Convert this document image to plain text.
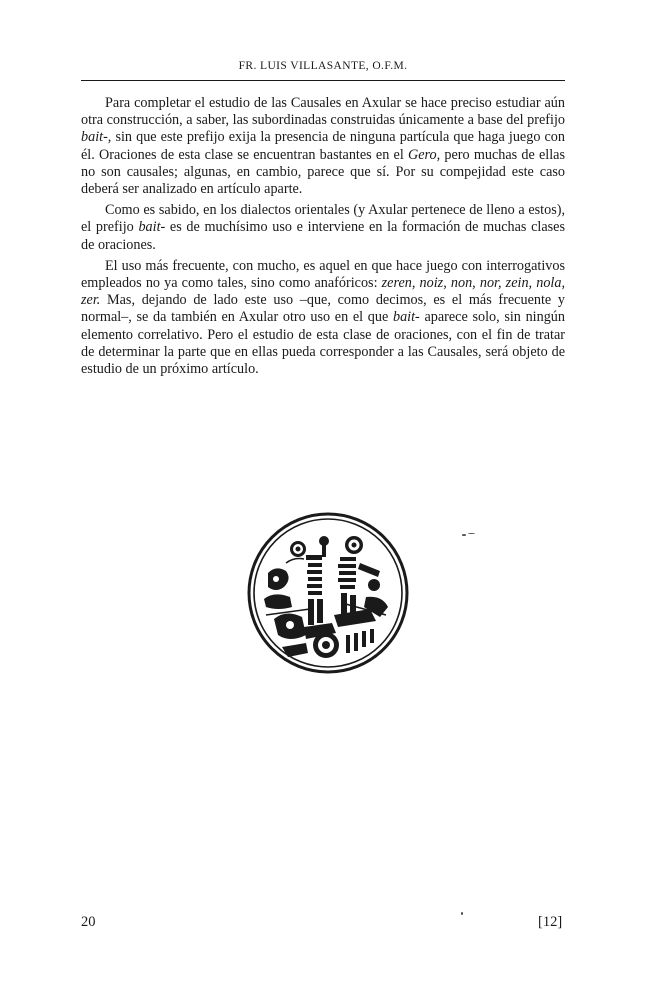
FR. LUIS VILLASANTE, O.F.M.

Para completar el estudio de las Causales en Axular se hace preciso estudiar aún otra construcción, a saber, las subordinadas construidas únicamente a base del prefijo bait-, sin que este prefijo exija la presencia de ninguna partícula que haga juego con él. Oraciones de esta clase se encuentran bastantes en el Gero, pero muchas de ellas no son causales; algunas, en cambio, parece que sí. Por su compejidad este caso deberá ser analizado en artículo aparte.

Como es sabido, en los dialectos orientales (y Axular pertenece de lleno a estos), el prefijo bait- es de muchísimo uso e interviene en la formación de muchas clases de oraciones.

El uso más frecuente, con mucho, es aquel en que hace juego con interrogativos empleados no ya como tales, sino como anafóricos: zeren, noiz, non, nor, zein, nola, zer. Mas, dejando de lado este uso –que, como decimos, es el más frecuente y normal–, se da también en Axular otro uso en el que bait- aparece solo, sin ningún elemento correlativo. Pero el estudio de esta clase de oraciones, con el fin de tratar de determinar la parte que en ellas pueda corresponder a las Causales, será objeto de estudio de un próximo artículo.

20	[12]
